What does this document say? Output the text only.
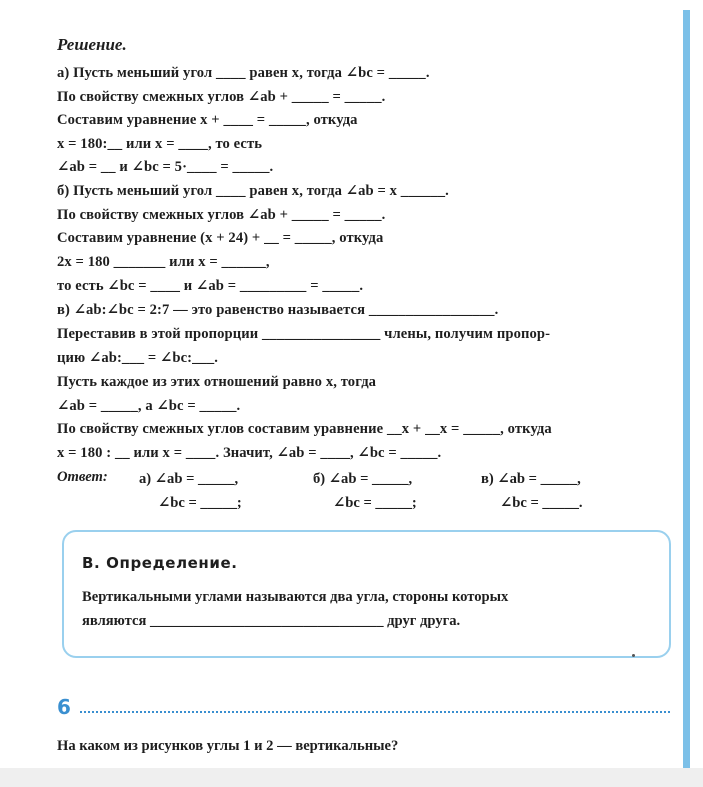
Решение.
а) Пусть меньший угол ____ равен x, тогда ∠bc = _____.
По свойству смежных углов ∠ab + _____ = _____.
Составим уравнение x + ____ = _____, откуда
x = 180:__ или x = ____, то есть
∠ab = __ и ∠bc = 5·____ = _____.
б) Пусть меньший угол ____ равен x, тогда ∠ab = x ______.
По свойству смежных углов ∠ab + _____ = _____.
Составим уравнение (x + 24) + __ = _____, откуда
2x = 180 _______ или x = ______,
то есть ∠bc = ____ и ∠ab = _________ = _____.
в) ∠ab:∠bc = 2:7 — это равенство называется _________________.
Переставив в этой пропорции ________________ члены, получим пропор-
цию ∠ab:___ = ∠bc:___.
Пусть каждое из этих отношений равно x, тогда
∠ab = _____, а ∠bc = _____.
По свойству смежных углов составим уравнение __x + __x = _____, откуда
x = 180 : __ или x = ____. Значит, ∠ab = ____, ∠bc = _____.
Ответ: а) ∠ab = _____,
∠bc = _____;
б) ∠ab = _____,
∠bc = _____;
в) ∠ab = _____,
∠bc = _____.
В. Определение.
Вертикальными углами называются два угла, стороны которых
являются ________________________________ друг друга.
6
На каком из рисунков углы 1 и 2 — вертикальные?
